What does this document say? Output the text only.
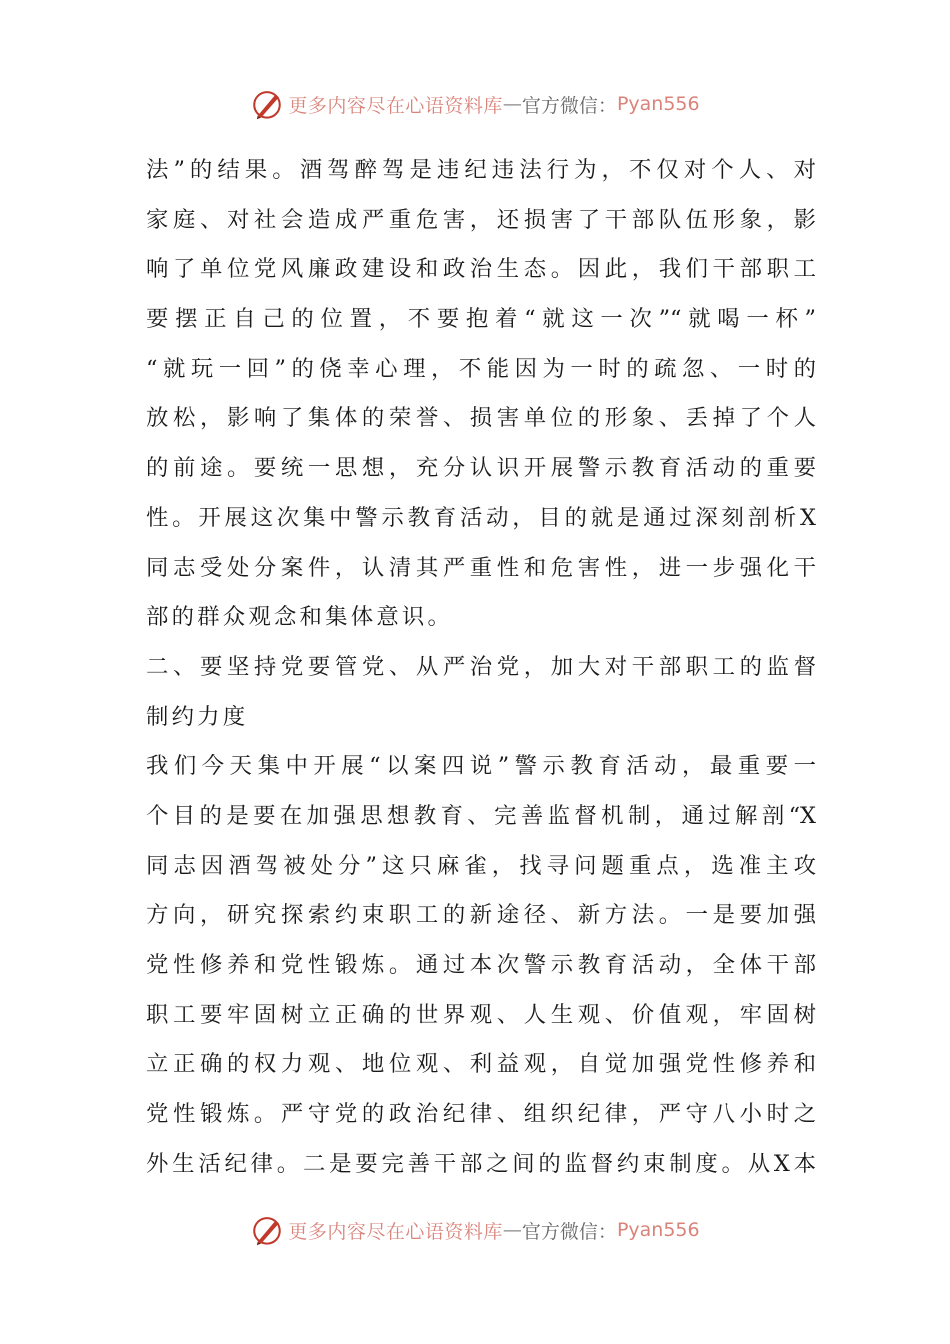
更多内容尽在心语资料库 — 官方微信： Pyan556
法”的结果。酒驾醉驾是违纪违法行为，不仅对个人、对
家庭、对社会造成严重危害，还损害了干部队伍形象，影
响了单位党风廉政建设和政治生态。因此，我们干部职工
要摆正自己的位置，不要抱着“就这一次”“就喝一杯”
“就玩一回”的侥幸心理，不能因为一时的疏忽、一时的
放松，影响了集体的荣誉、损害单位的形象、丢掉了个人
的前途。要统一思想，充分认识开展警示教育活动的重要
性。开展这次集中警示教育活动，目的就是通过深刻剖析X
同志受处分案件，认清其严重性和危害性，进一步强化干
部的群众观念和集体意识。
二、要坚持党要管党、从严治党，加大对干部职工的监督
制约力度
我们今天集中开展“以案四说”警示教育活动，最重要一
个目的是要在加强思想教育、完善监督机制，通过解剖“X
同志因酒驾被处分”这只麻雀，找寻问题重点，选准主攻
方向，研究探索约束职工的新途径、新方法。一是要加强
党性修养和党性锻炼。通过本次警示教育活动，全体干部
职工要牢固树立正确的世界观、人生观、价值观，牢固树
立正确的权力观、地位观、利益观，自觉加强党性修养和
党性锻炼。严守党的政治纪律、组织纪律，严守八小时之
外生活纪律。二是要完善干部之间的监督约束制度。从X本
更多内容尽在心语资料库 — 官方微信： Pyan556
